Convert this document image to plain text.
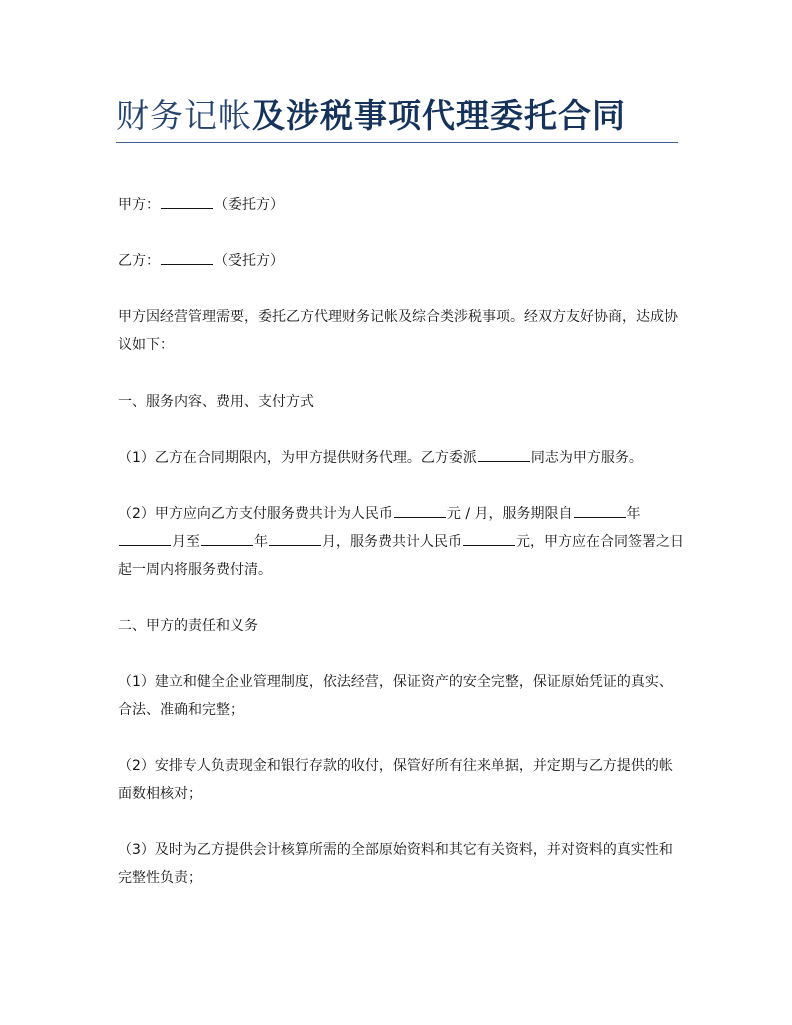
财务记帐及涉税事项代理委托合同
甲方：	（委托方）
乙方：	（受托方）
甲方因经营管理需要，委托乙方代理财务记帐及综合类涉税事项。经双方友好协商，达成协议如下：
一、服务内容、费用、支付方式
（1）乙方在合同期限内，为甲方提供财务代理。乙方委派	同志为甲方服务。
（2）甲方应向乙方支付服务费共计为人民币	元 / 月，服务期限自	年
月至	年	月，服务费共计人民币	元，甲方应在合同签署之日起一周内将服务费付清。
二、甲方的责任和义务
（1）建立和健全企业管理制度，依法经营，保证资产的安全完整，保证原始凭证的真实、合法、准确和完整；
（2）安排专人负责现金和银行存款的收付，保管好所有往来单据，并定期与乙方提供的帐面数相核对；
（3）及时为乙方提供会计核算所需的全部原始资料和其它有关资料，并对资料的真实性和完整性负责；
